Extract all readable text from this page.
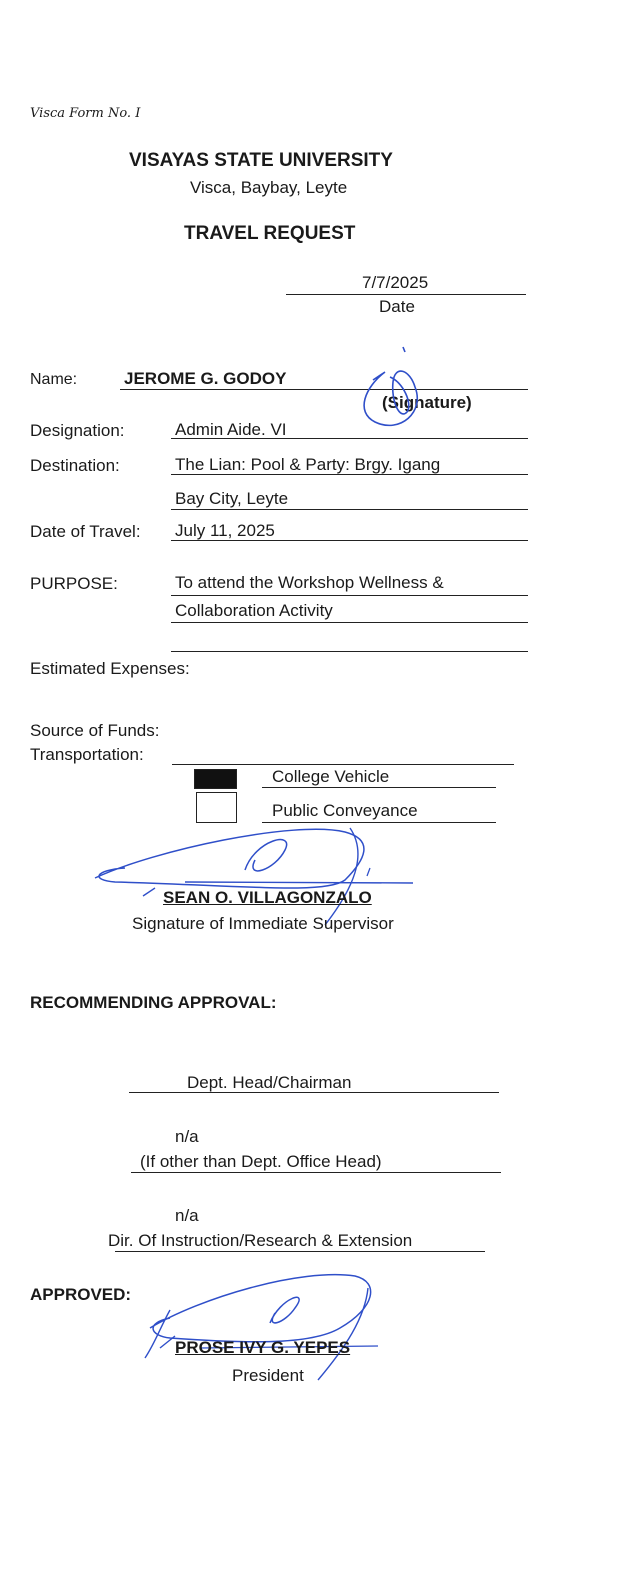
Visca Form No. I
VISAYAS STATE UNIVERSITY
Visca, Baybay, Leyte
TRAVEL REQUEST
7/7/2025
Date
Name:	JEROME G. GODOY
(Signature)
Designation:	Admin Aide. VI
Destination:	The Lian: Pool & Party: Brgy. Igang
Bay City, Leyte
Date of Travel: July 11, 2025
PURPOSE:	To attend the Workshop Wellness &
Collaboration Activity
Estimated Expenses:
Source of Funds:
Transportation:
College Vehicle
Public Conveyance
SEAN O. VILLAGONZALO
Signature of Immediate Supervisor
RECOMMENDING APPROVAL:
Dept. Head/Chairman
n/a
(If other than Dept. Office Head)
n/a
Dir. Of Instruction/Research & Extension
APPROVED:
PROSE IVY G. YEPES
President
